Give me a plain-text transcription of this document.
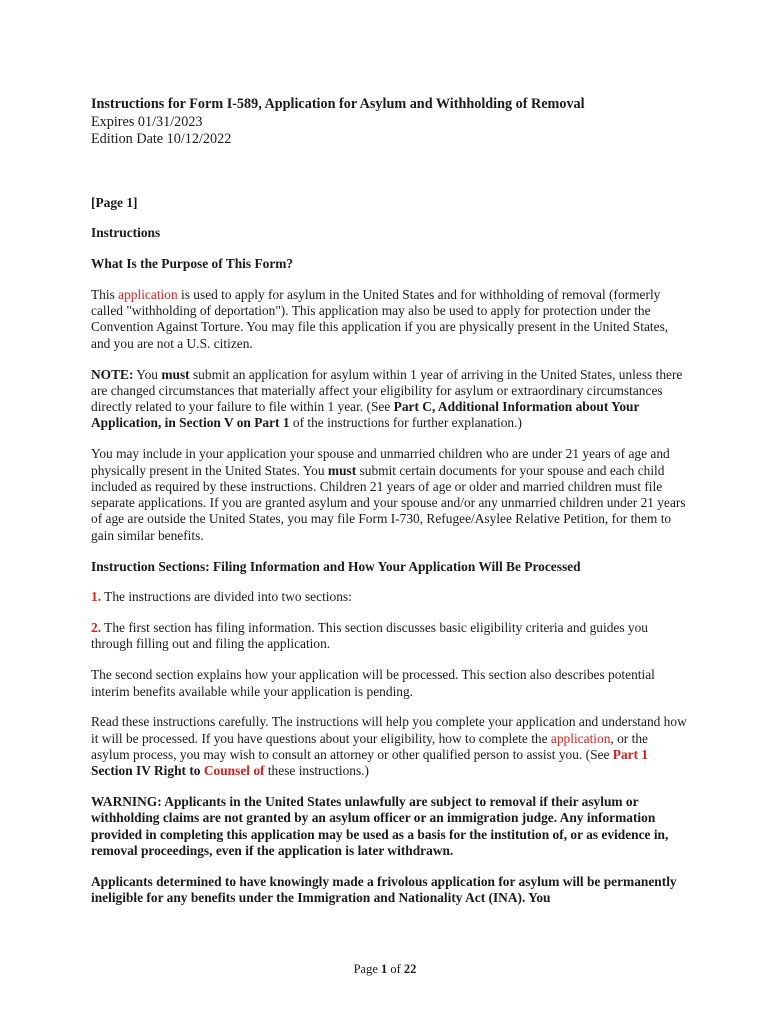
Instructions for Form I-589, Application for Asylum and Withholding of Removal

Expires 01/31/2023

Edition Date 10/12/2022

[Page 1]

Instructions

What Is the Purpose of This Form?

This application is used to apply for asylum in the United States and for withholding of removal (formerly called "withholding of deportation"). This application may also be used to apply for protection under the Convention Against Torture. You may file this application if you are physically present in the United States, and you are not a U.S. citizen.

NOTE: You must submit an application for asylum within 1 year of arriving in the United States, unless there are changed circumstances that materially affect your eligibility for asylum or extraordinary circumstances directly related to your failure to file within 1 year. (See Part C, Additional Information about Your Application, in Section V on Part 1 of the instructions for further explanation.)

You may include in your application your spouse and unmarried children who are under 21 years of age and physically present in the United States. You must submit certain documents for your spouse and each child included as required by these instructions. Children 21 years of age or older and married children must file separate applications. If you are granted asylum and your spouse and/or any unmarried children under 21 years of age are outside the United States, you may file Form I-730, Refugee/Asylee Relative Petition, for them to gain similar benefits.

Instruction Sections: Filing Information and How Your Application Will Be Processed

1. The instructions are divided into two sections:

2. The first section has filing information. This section discusses basic eligibility criteria and guides you through filling out and filing the application.

The second section explains how your application will be processed. This section also describes potential interim benefits available while your application is pending.

Read these instructions carefully. The instructions will help you complete your application and understand how it will be processed. If you have questions about your eligibility, how to complete the application, or the asylum process, you may wish to consult an attorney or other qualified person to assist you. (See Part 1 Section IV Right to Counsel of these instructions.)

WARNING: Applicants in the United States unlawfully are subject to removal if their asylum or withholding claims are not granted by an asylum officer or an immigration judge. Any information provided in completing this application may be used as a basis for the institution of, or as evidence in, removal proceedings, even if the application is later withdrawn.

Applicants determined to have knowingly made a frivolous application for asylum will be permanently ineligible for any benefits under the Immigration and Nationality Act (INA). You

Page 1 of 22
